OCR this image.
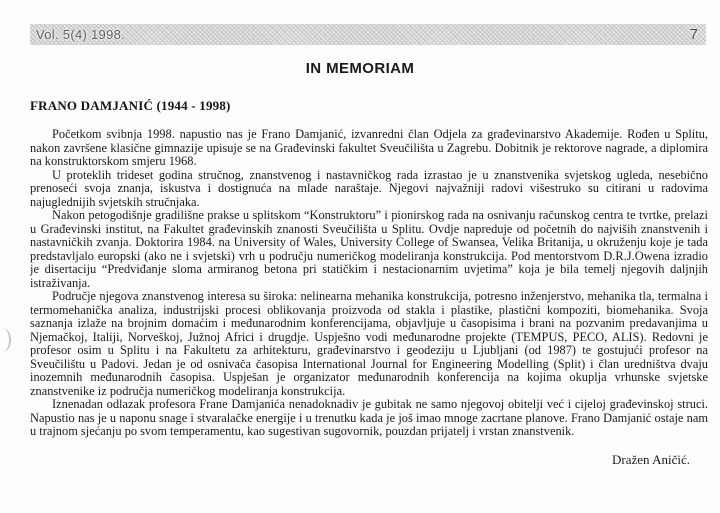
Vol. 5(4) 1998.	7
IN MEMORIAM
FRANO DAMJANIĆ (1944 - 1998)

Početkom svibnja 1998. napustio nas je Frano Damjanić, izvanredni član Odjela za građevinarstvo Akademije. Rođen u Splitu, nakon završene klasične gimnazije upisuje se na Građevinski fakultet Sveučilišta u Zagrebu. Dobitnik je rektorove nagrade, a diplomira na konstruktorskom smjeru 1968.

U proteklih trideset godina stručnog, znanstvenog i nastavničkog rada izrastao je u znanstvenika svjetskog ugleda, nesebično prenoseći svoja znanja, iskustva i dostignuća na mlade naraštaje. Njegovi najvažniji radovi višestruko su citirani u radovima najuglednijih svjetskih stručnjaka.

Nakon petogodišnje gradilišne prakse u splitskom “Konstruktoru” i pionirskog rada na osnivanju računskog centra te tvrtke, prelazi u Građevinski institut, na Fakultet građevinskih znanosti Sveučilišta u Splitu. Ovdje napreduje od početnih do najviših znanstvenih i nastavničkih zvanja. Doktorira 1984. na University of Wales, University College of Swansea, Velika Britanija, u okruženju koje je tada predstavljalo europski (ako ne i svjetski) vrh u području numeričkog modeliranja konstrukcija. Pod mentorstvom D.R.J.Owena izradio je disertaciju “Predviđanje sloma armiranog betona pri statičkim i nestacionarnim uvjetima” koja je bila temelj njegovih daljnjih istraživanja.

Područje njegova znanstvenog interesa su široka: nelinearna mehanika konstrukcija, potresno inženjerstvo, mehanika tla, termalna i termomehanička analiza, industrijski procesi oblikovanja proizvoda od stakla i plastike, plastični kompoziti, biomehanika. Svoja saznanja izlaže na brojnim domaćim i međunarodnim konferencijama, objavljuje u časopisima i brani na pozvanim predavanjima u Njemačkoj, Italiji, Norveškoj, Južnoj Africi i drugdje. Uspješno vodi međunarodne projekte (TEMPUS, PECO, ALIS). Redovni je profesor osim u Splitu i na Fakultetu za arhitekturu, građevinarstvo i geodeziju u Ljubljani (od 1987) te gostujući profesor na Sveučilištu u Padovi. Jedan je od osnivača časopisa International Journal for Engineering Modelling (Split) i član uredništva dvaju inozemnih međunarodnih časopisa. Uspješan je organizator međunarodnih konferencija na kojima okuplja vrhunske svjetske znanstvenike iz područja numeričkog modeliranja konstrukcija.

Iznenadan odlazak profesora Frane Damjanića nenadoknadiv je gubitak ne samo njegovoj obitelji već i cijeloj građevinskoj struci. Napustio nas je u naponu snage i stvaralačke energije i u trenutku kada je još imao mnoge zacrtane planove. Frano Damjanić ostaje nam u trajnom sjećanju po svom temperamentu, kao sugestivan sugovornik, pouzdan prijatelj i vrstan znanstvenik.

Dražen Aničić.
